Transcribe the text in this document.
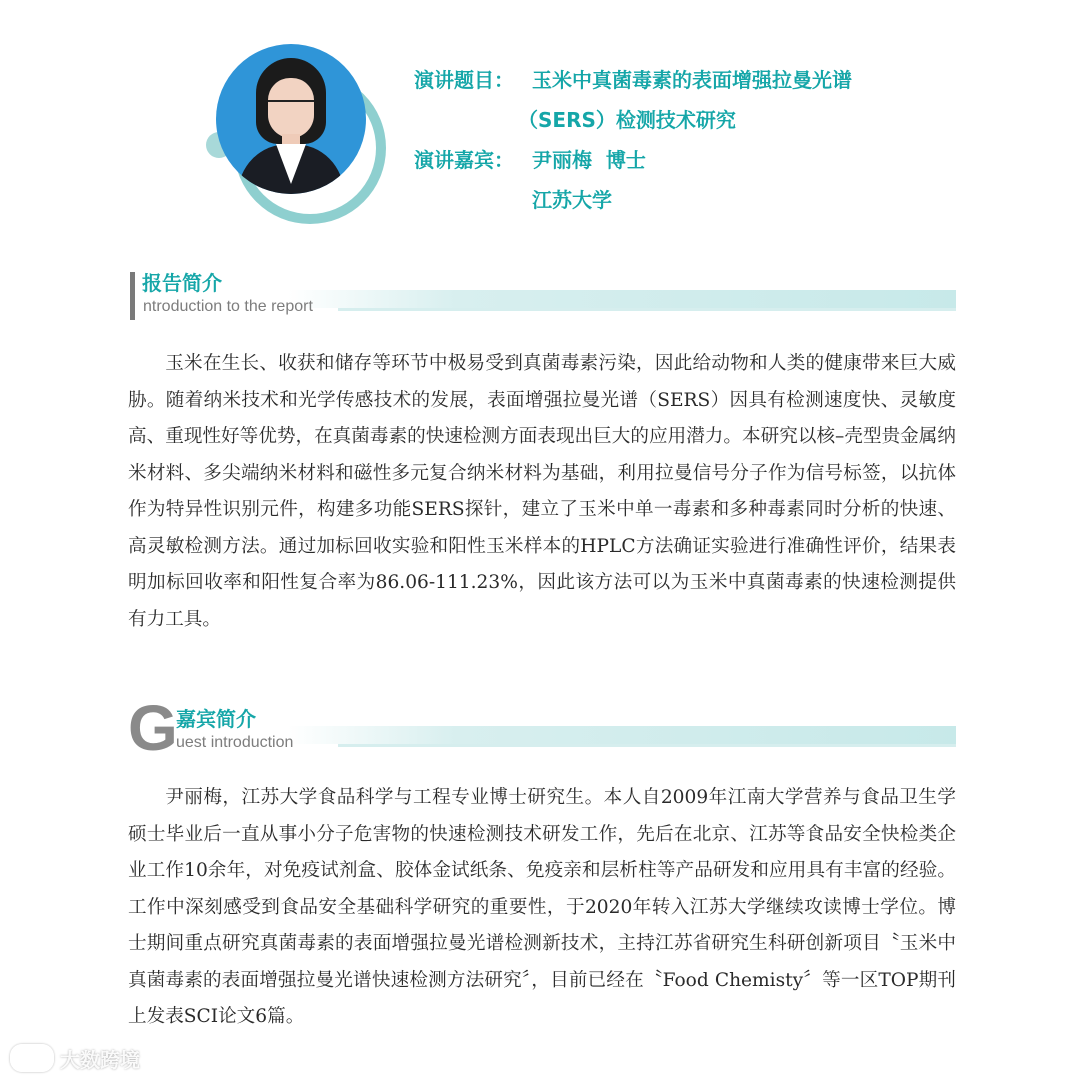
演讲题目： 玉米中真菌毒素的表面增强拉曼光谱
（SERS）检测技术研究
演讲嘉宾： 尹丽梅  博士
江苏大学
报告简介
ntroduction to the report

玉米在生长、收获和储存等环节中极易受到真菌毒素污染，因此给动物和人类的健康带来巨大威胁。随着纳米技术和光学传感技术的发展，表面增强拉曼光谱（SERS）因具有检测速度快、灵敏度高、重现性好等优势，在真菌毒素的快速检测方面表现出巨大的应用潜力。本研究以核–壳型贵金属纳米材料、多尖端纳米材料和磁性多元复合纳米材料为基础，利用拉曼信号分子作为信号标签，以抗体作为特异性识别元件，构建多功能SERS探针，建立了玉米中单一毒素和多种毒素同时分析的快速、高灵敏检测方法。通过加标回收实验和阳性玉米样本的HPLC方法确证实验进行准确性评价，结果表明加标回收率和阳性复合率为86.06-111.23%，因此该方法可以为玉米中真菌毒素的快速检测提供有力工具。

G
嘉宾简介
uest introduction

尹丽梅，江苏大学食品科学与工程专业博士研究生。本人自2009年江南大学营养与食品卫生学硕士毕业后一直从事小分子危害物的快速检测技术研发工作，先后在北京、江苏等食品安全快检类企业工作10余年，对免疫试剂盒、胶体金试纸条、免疫亲和层析柱等产品研发和应用具有丰富的经验。工作中深刻感受到食品安全基础科学研究的重要性，于2020年转入江苏大学继续攻读博士学位。博士期间重点研究真菌毒素的表面增强拉曼光谱检测新技术，主持江苏省研究生科研创新项目〝玉米中真菌毒素的表面增强拉曼光谱快速检测方法研究〞，目前已经在〝Food Chemisty〞等一区TOP期刊上发表SCI论文6篇。

大数跨境
